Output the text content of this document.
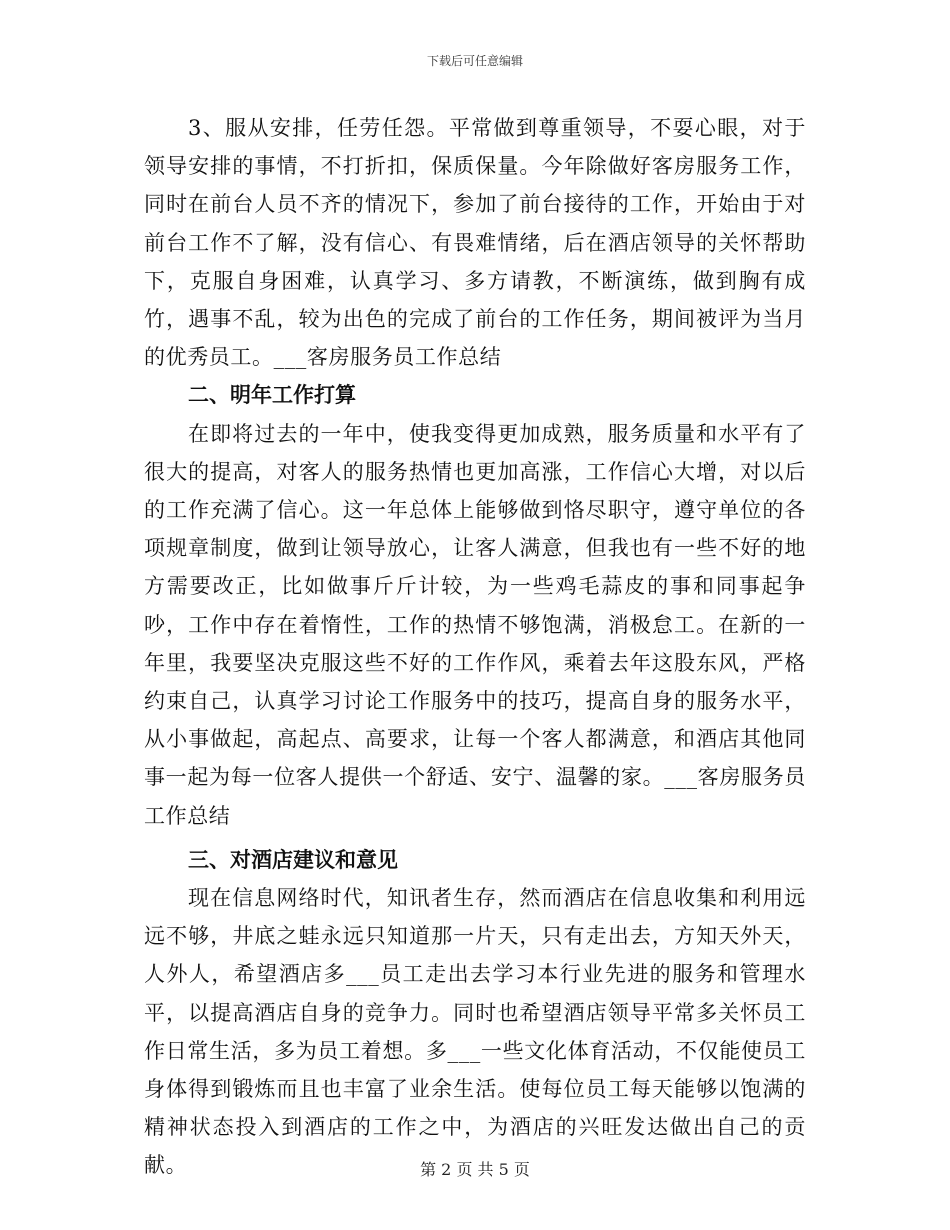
下载后可任意编辑

3、服从安排，任劳任怨。平常做到尊重领导，不耍心眼，对于领导安排的事情，不打折扣，保质保量。今年除做好客房服务工作，同时在前台人员不齐的情况下，参加了前台接待的工作，开始由于对前台工作不了解，没有信心、有畏难情绪，后在酒店领导的关怀帮助下，克服自身困难，认真学习、多方请教，不断演练，做到胸有成竹，遇事不乱，较为出色的完成了前台的工作任务，期间被评为当月的优秀员工。___客房服务员工作总结

二、明年工作打算

在即将过去的一年中，使我变得更加成熟，服务质量和水平有了很大的提高，对客人的服务热情也更加高涨，工作信心大增，对以后的工作充满了信心。这一年总体上能够做到恪尽职守，遵守单位的各项规章制度，做到让领导放心，让客人满意，但我也有一些不好的地方需要改正，比如做事斤斤计较，为一些鸡毛蒜皮的事和同事起争吵，工作中存在着惰性，工作的热情不够饱满，消极怠工。在新的一年里，我要坚决克服这些不好的工作作风，乘着去年这股东风，严格约束自己，认真学习讨论工作服务中的技巧，提高自身的服务水平，从小事做起，高起点、高要求，让每一个客人都满意，和酒店其他同事一起为每一位客人提供一个舒适、安宁、温馨的家。___客房服务员工作总结

三、对酒店建议和意见

现在信息网络时代，知讯者生存，然而酒店在信息收集和利用远远不够，井底之蛙永远只知道那一片天，只有走出去，方知天外天，人外人，希望酒店多___员工走出去学习本行业先进的服务和管理水平，以提高酒店自身的竞争力。同时也希望酒店领导平常多关怀员工作日常生活，多为员工着想。多___一些文化体育活动，不仅能使员工身体得到锻炼而且也丰富了业余生活。使每位员工每天能够以饱满的精神状态投入到酒店的工作之中，为酒店的兴旺发达做出自己的贡献。	第 2 页 共 5 页
